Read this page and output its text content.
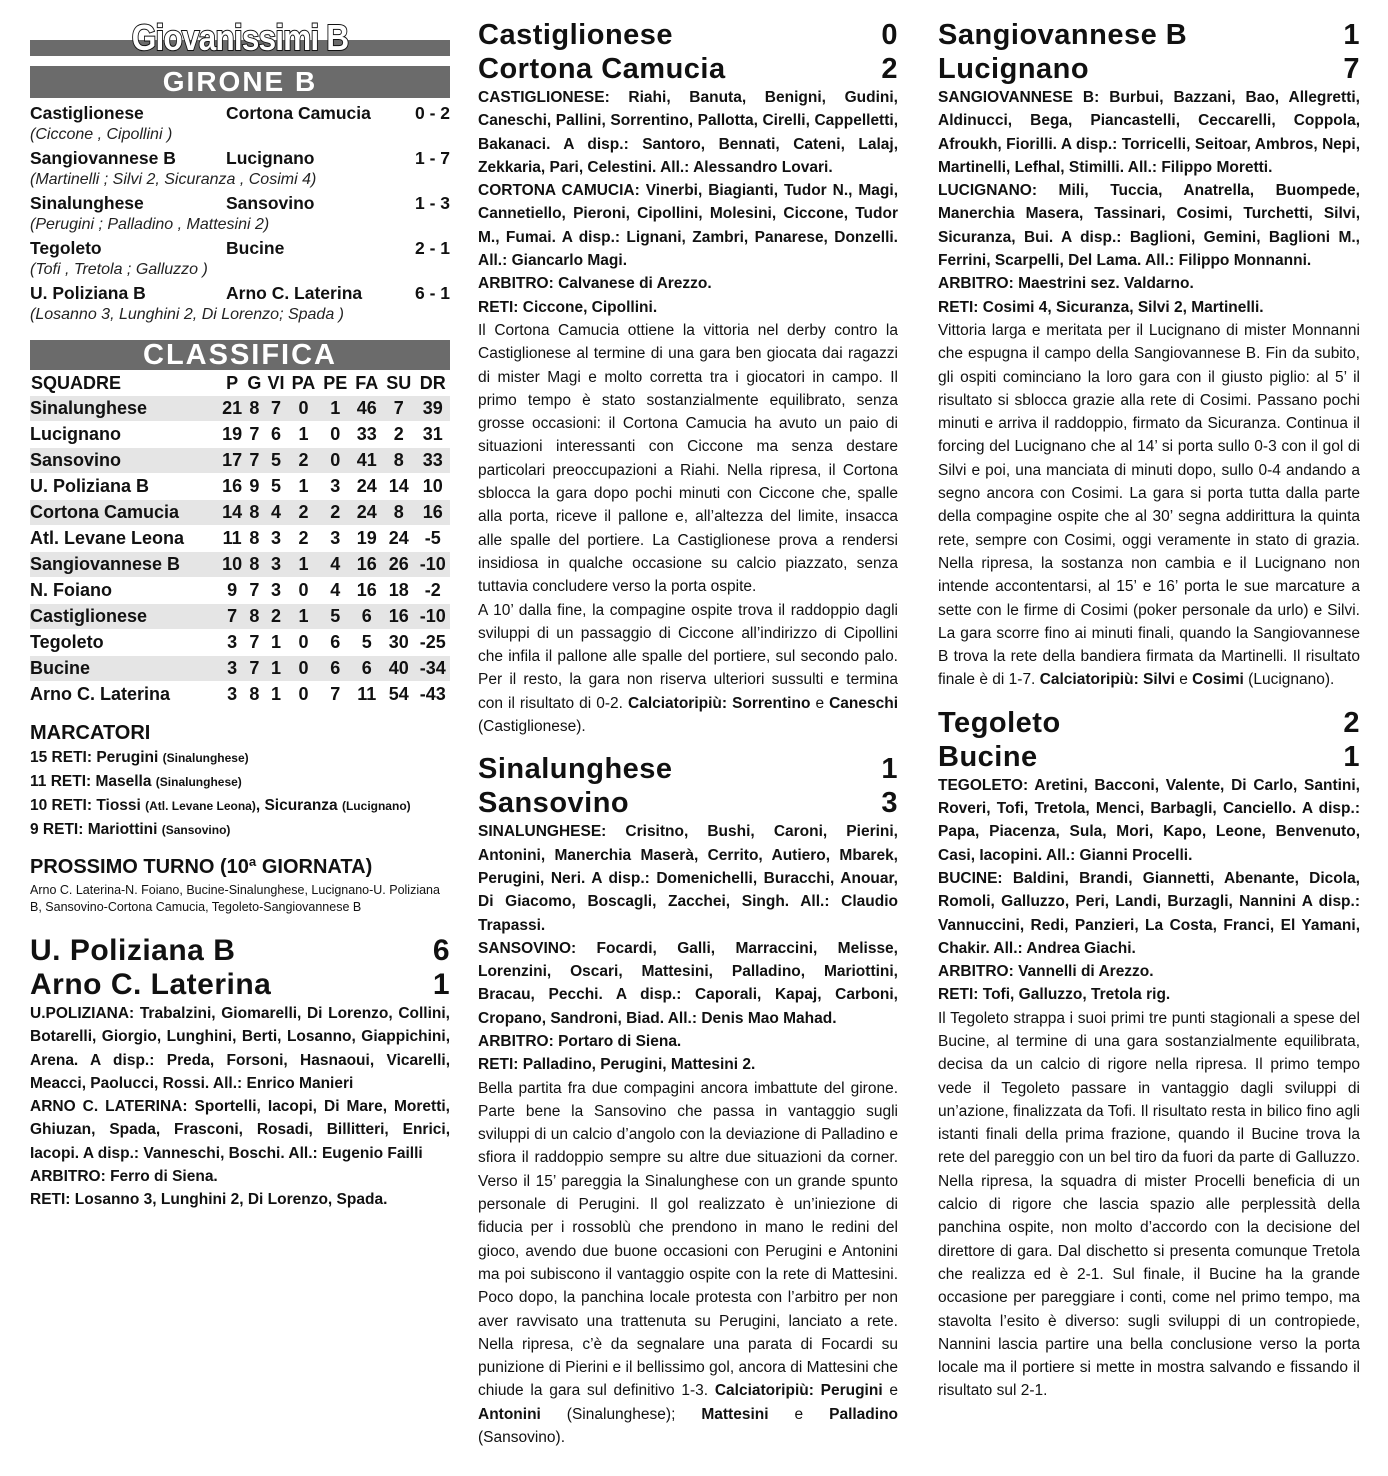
Giovanissimi B
GIRONE B
Castiglionese	Cortona Camucia	0 - 2
(Ciccone , Cipollini )
Sangiovannese B	Lucignano	1 - 7
(Martinelli ; Silvi 2, Sicuranza , Cosimi 4)
Sinalunghese	Sansovino	1 - 3
(Perugini ; Palladino , Mattesini 2)
Tegoleto	Bucine	2 - 1
(Tofi , Tretola ; Galluzzo )
U. Poliziana B	Arno C. Laterina	6 - 1
(Losanno 3, Lunghini 2, Di Lorenzo; Spada )
CLASSIFICA
SQUADRE	P	G	VI	PA	PE	FA	SU	DR
Sinalunghese	21	8	7	0	1	46	7	39
Lucignano	19	7	6	1	0	33	2	31
Sansovino	17	7	5	2	0	41	8	33
U. Poliziana B	16	9	5	1	3	24	14	10
Cortona Camucia	14	8	4	2	2	24	8	16
Atl. Levane Leona	11	8	3	2	3	19	24	-5
Sangiovannese B	10	8	3	1	4	16	26	-10
N. Foiano	9	7	3	0	4	16	18	-2
Castiglionese	7	8	2	1	5	6	16	-10
Tegoleto	3	7	1	0	6	5	30	-25
Bucine	3	7	1	0	6	6	40	-34
Arno C. Laterina	3	8	1	0	7	11	54	-43
MARCATORI
15 RETI: Perugini (Sinalunghese)
11 RETI: Masella (Sinalunghese)
10 RETI: Tiossi (Atl. Levane Leona), Sicuranza (Lucignano)
9 RETI: Mariottini (Sansovino)
PROSSIMO TURNO (10ª GIORNATA)
Arno C. Laterina-N. Foiano, Bucine-Sinalunghese, Lucignano-U. Poliziana B, Sansovino-Cortona Camucia, Tegoleto-Sangiovannese B
U. Poliziana B	6
Arno C. Laterina	1
U.POLIZIANA: Trabalzini, Giomarelli, Di Lorenzo, Collini, Botarelli, Giorgio, Lunghini, Berti, Losanno, Giappichini, Arena. A disp.: Preda, Forsoni, Hasnaoui, Vicarelli, Meacci, Paolucci, Rossi. All.: Enrico Manieri
ARNO C. LATERINA: Sportelli, Iacopi, Di Mare, Moretti, Ghiuzan, Spada, Frasconi, Rosadi, Billitteri, Enrici, Iacopi. A disp.: Vanneschi, Boschi. All.: Eugenio Failli
ARBITRO: Ferro di Siena.
RETI: Losanno 3, Lunghini 2, Di Lorenzo, Spada.
Castiglionese	0
Cortona Camucia	2
CASTIGLIONESE: Riahi, Banuta, Benigni, Gudini, Caneschi, Pallini, Sorrentino, Pallotta, Cirelli, Cappelletti, Bakanaci. A disp.: Santoro, Bennati, Cateni, Lalaj, Zekkaria, Pari, Celestini. All.: Alessandro Lovari.
CORTONA CAMUCIA: Vinerbi, Biagianti, Tudor N., Magi, Cannetiello, Pieroni, Cipollini, Molesini, Ciccone, Tudor M., Fumai. A disp.: Lignani, Zambri, Panarese, Donzelli. All.: Giancarlo Magi.
ARBITRO: Calvanese di Arezzo.
RETI: Ciccone, Cipollini.
Il Cortona Camucia ottiene la vittoria nel derby contro la Castiglionese al termine di una gara ben giocata dai ragazzi di mister Magi e molto corretta tra i giocatori in campo. Il primo tempo è stato sostanzialmente equilibrato, senza grosse occasioni: il Cortona Camucia ha avuto un paio di situazioni interessanti con Ciccone ma senza destare particolari preoccupazioni a Riahi. Nella ripresa, il Cortona sblocca la gara dopo pochi minuti con Ciccone che, spalle alla porta, riceve il pallone e, all’altezza del limite, insacca alle spalle del portiere. La Castiglionese prova a rendersi insidiosa in qualche occasione su calcio piazzato, senza tuttavia concludere verso la porta ospite.
A 10’ dalla fine, la compagine ospite trova il raddoppio dagli sviluppi di un passaggio di Ciccone all’indirizzo di Cipollini che infila il pallone alle spalle del portiere, sul secondo palo. Per il resto, la gara non riserva ulteriori sussulti e termina con il risultato di 0-2. Calciatoripiù: Sorrentino e Caneschi (Castiglionese).
Sinalunghese	1
Sansovino	3
SINALUNGHESE: Crisitno, Bushi, Caroni, Pierini, Antonini, Manerchia Maserà, Cerrito, Autiero, Mbarek, Perugini, Neri. A disp.: Domenichelli, Buracchi, Anouar, Di Giacomo, Boscagli, Zacchei, Singh. All.: Claudio Trapassi.
SANSOVINO: Focardi, Galli, Marraccini, Melisse, Lorenzini, Oscari, Mattesini, Palladino, Mariottini, Bracau, Pecchi. A disp.: Caporali, Kapaj, Carboni, Cropano, Sandroni, Biad. All.: Denis Mao Mahad.
ARBITRO: Portaro di Siena.
RETI: Palladino, Perugini, Mattesini 2.
Bella partita fra due compagini ancora imbattute del girone. Parte bene la Sansovino che passa in vantaggio sugli sviluppi di un calcio d’angolo con la deviazione di Palladino e sfiora il raddoppio sempre su altre due situazioni da corner. Verso il 15’ pareggia la Sinalunghese con un grande spunto personale di Perugini. Il gol realizzato è un’iniezione di fiducia per i rossoblù che prendono in mano le redini del gioco, avendo due buone occasioni con Perugini e Antonini ma poi subiscono il vantaggio ospite con la rete di Mattesini. Poco dopo, la panchina locale protesta con l’arbitro per non aver ravvisato una trattenuta su Perugini, lanciato a rete. Nella ripresa, c’è da segnalare una parata di Focardi su punizione di Pierini e il bellissimo gol, ancora di Mattesini che chiude la gara sul definitivo 1-3. Calciatoripiù: Perugini e Antonini (Sinalunghese); Mattesini e Palladino (Sansovino).
Sangiovannese B	1
Lucignano	7
SANGIOVANNESE B: Burbui, Bazzani, Bao, Allegretti, Aldinucci, Bega, Piancastelli, Ceccarelli, Coppola, Afroukh, Fiorilli. A disp.: Torricelli, Seitoar, Ambros, Nepi, Martinelli, Lefhal, Stimilli. All.: Filippo Moretti.
LUCIGNANO: Mili, Tuccia, Anatrella, Buompede, Manerchia Masera, Tassinari, Cosimi, Turchetti, Silvi, Sicuranza, Bui. A disp.: Baglioni, Gemini, Baglioni M., Ferrini, Scarpelli, Del Lama. All.: Filippo Monnanni.
ARBITRO: Maestrini sez. Valdarno.
RETI: Cosimi 4, Sicuranza, Silvi 2, Martinelli.
Vittoria larga e meritata per il Lucignano di mister Monnanni che espugna il campo della Sangiovannese B. Fin da subito, gli ospiti cominciano la loro gara con il giusto piglio: al 5’ il risultato si sblocca grazie alla rete di Cosimi. Passano pochi minuti e arriva il raddoppio, firmato da Sicuranza. Continua il forcing del Lucignano che al 14’ si porta sullo 0-3 con il gol di Silvi e poi, una manciata di minuti dopo, sullo 0-4 andando a segno ancora con Cosimi. La gara si porta tutta dalla parte della compagine ospite che al 30’ segna addirittura la quinta rete, sempre con Cosimi, oggi veramente in stato di grazia. Nella ripresa, la sostanza non cambia e il Lucignano non intende accontentarsi, al 15’ e 16’ porta le sue marcature a sette con le firme di Cosimi (poker personale da urlo) e Silvi. La gara scorre fino ai minuti finali, quando la Sangiovannese B trova la rete della bandiera firmata da Martinelli. Il risultato finale è di 1-7. Calciatoripiù: Silvi e Cosimi (Lucignano).
Tegoleto	2
Bucine	1
TEGOLETO: Aretini, Bacconi, Valente, Di Carlo, Santini, Roveri, Tofi, Tretola, Menci, Barbagli, Canciello. A disp.: Papa, Piacenza, Sula, Mori, Kapo, Leone, Benvenuto, Casi, Iacopini. All.: Gianni Procelli.
BUCINE: Baldini, Brandi, Giannetti, Abenante, Dicola, Romoli, Galluzzo, Peri, Landi, Burzagli, Nannini A disp.: Vannuccini, Redi, Panzieri, La Costa, Franci, El Yamani, Chakir. All.: Andrea Giachi.
ARBITRO: Vannelli di Arezzo.
RETI: Tofi, Galluzzo, Tretola rig.
Il Tegoleto strappa i suoi primi tre punti stagionali a spese del Bucine, al termine di una gara sostanzialmente equilibrata, decisa da un calcio di rigore nella ripresa. Il primo tempo vede il Tegoleto passare in vantaggio dagli sviluppi di un’azione, finalizzata da Tofi. Il risultato resta in bilico fino agli istanti finali della prima frazione, quando il Bucine trova la rete del pareggio con un bel tiro da fuori da parte di Galluzzo. Nella ripresa, la squadra di mister Procelli beneficia di un calcio di rigore che lascia spazio alle perplessità della panchina ospite, non molto d’accordo con la decisione del direttore di gara. Dal dischetto si presenta comunque Tretola che realizza ed è 2-1. Sul finale, il Bucine ha la grande occasione per pareggiare i conti, come nel primo tempo, ma stavolta l’esito è diverso: sugli sviluppi di un contropiede, Nannini lascia partire una bella conclusione verso la porta locale ma il portiere si mette in mostra salvando e fissando il risultato sul 2-1.
